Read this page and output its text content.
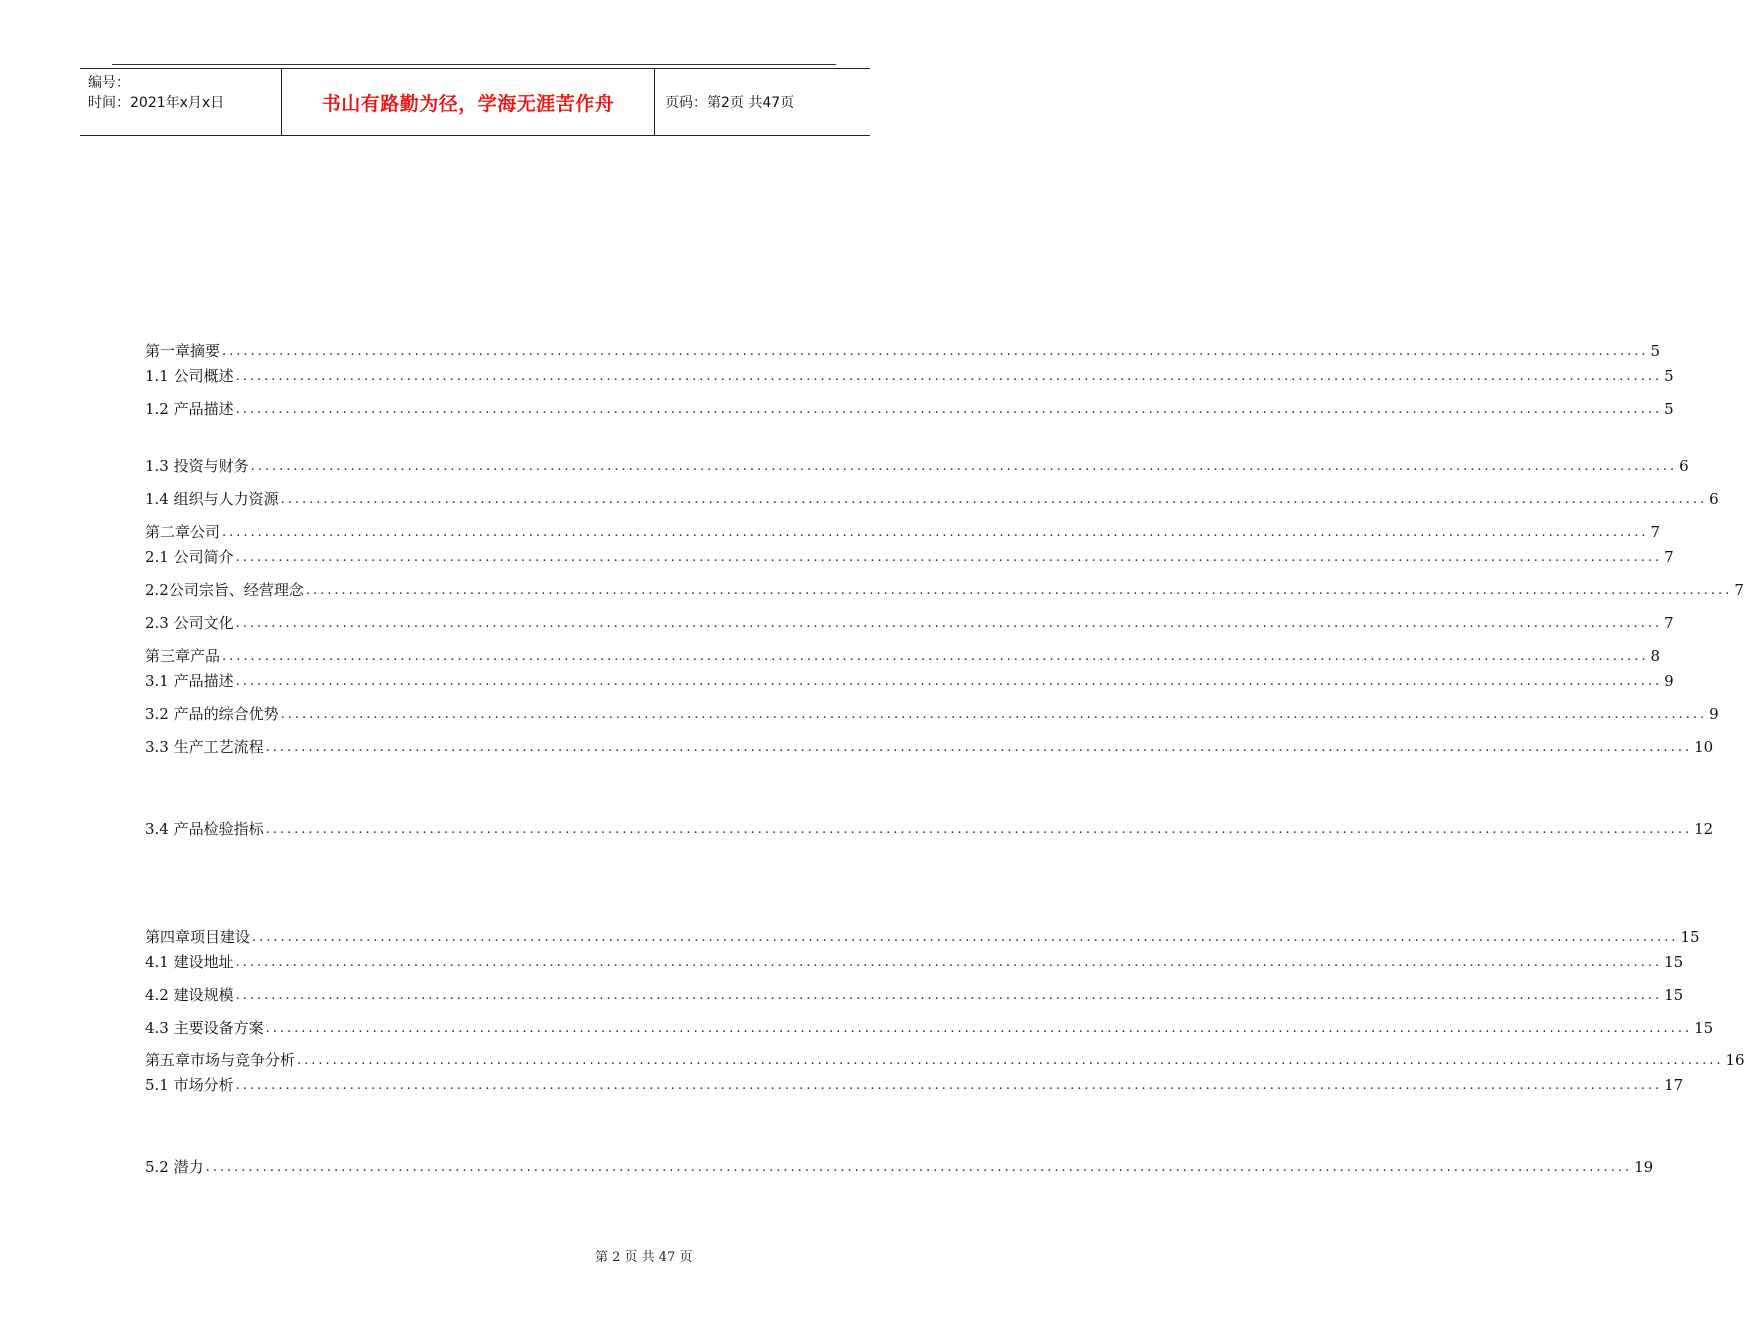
编号：
时间：2021年x月x日	书山有路勤为径，学海无涯苦作舟	页码：第2页 共47页
第一章摘要 ........................................................................................................................................................................................................ 5
1.1 公司概述 ........................................................................................................................................................................................................ 5
1.2 产品描述 ........................................................................................................................................................................................................ 5
1.3 投资与财务 ........................................................................................................................................................................................................ 6
1.4 组织与人力资源 ........................................................................................................................................................................................................ 6
第二章公司 ........................................................................................................................................................................................................ 7
2.1 公司简介 ........................................................................................................................................................................................................ 7
2.2公司宗旨、经营理念 ........................................................................................................................................................................................................ 7
2.3 公司文化 ........................................................................................................................................................................................................ 7
第三章产品 ........................................................................................................................................................................................................ 8
3.1 产品描述 ........................................................................................................................................................................................................ 9
3.2 产品的综合优势 ........................................................................................................................................................................................................ 9
3.3 生产工艺流程 ........................................................................................................................................................................................................ 10
3.4 产品检验指标 ........................................................................................................................................................................................................ 12
第四章项目建设 ........................................................................................................................................................................................................ 15
4.1 建设地址 ........................................................................................................................................................................................................ 15
4.2 建设规模 ........................................................................................................................................................................................................ 15
4.3 主要设备方案 ........................................................................................................................................................................................................ 15
第五章市场与竞争分析 ........................................................................................................................................................................................................ 16
5.1 市场分析 ........................................................................................................................................................................................................ 17
5.2 潜力 ........................................................................................................................................................................................................ 19
第 2 页 共 47 页
